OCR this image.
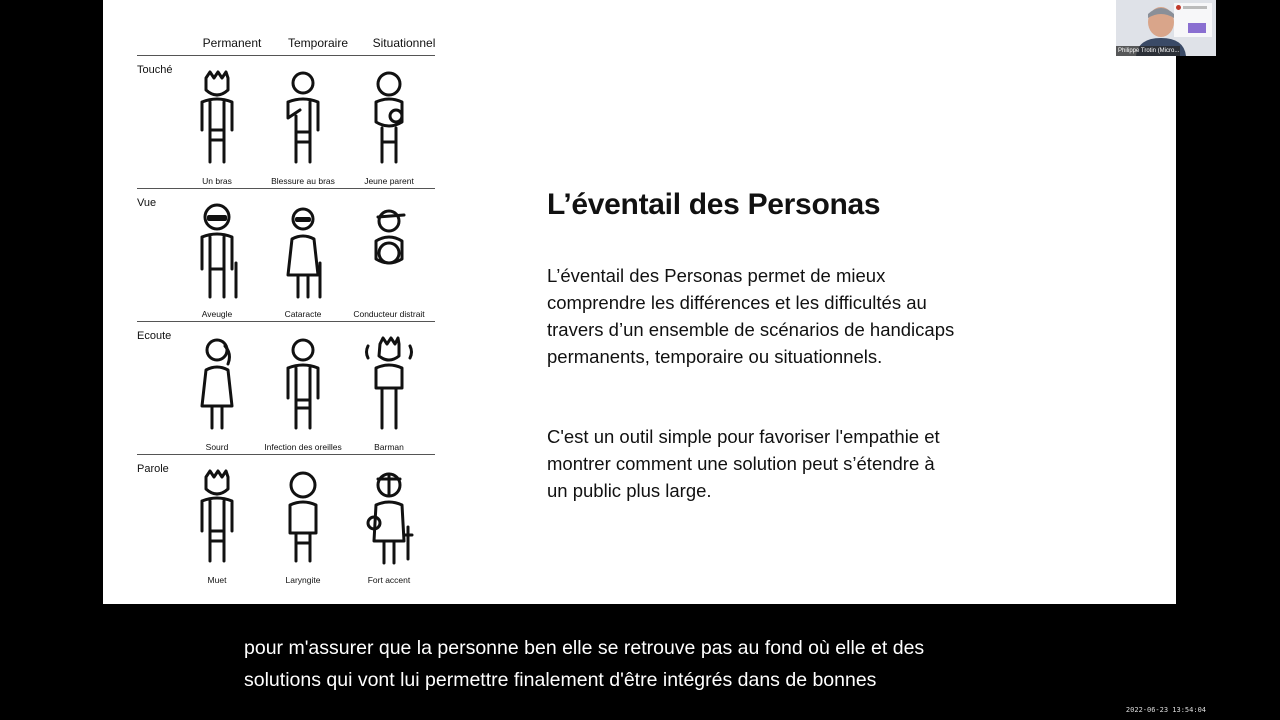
Permanent	Temporaire	Situationnel
Touché
Un bras	Blessure au bras	Jeune parent
Vue
Aveugle	Cataracte	Conducteur distrait
Ecoute
Sourd	Infection des oreilles	Barman
Parole
Muet	Laryngite	Fort accent
L’éventail des Personas
L’éventail des Personas permet de mieux
comprendre les différences et les difficultés au
travers d’un ensemble de scénarios de handicaps
permanents, temporaire ou situationnels.
C'est un outil simple pour favoriser l'empathie et
montrer comment une solution peut s’étendre à
un public plus large.
Philippe Trotin (Micro...
pour m'assurer que la personne ben elle se retrouve pas au fond où elle et des
solutions qui vont lui permettre finalement d'être intégrés dans de bonnes
2022-06-23 13:54:04
